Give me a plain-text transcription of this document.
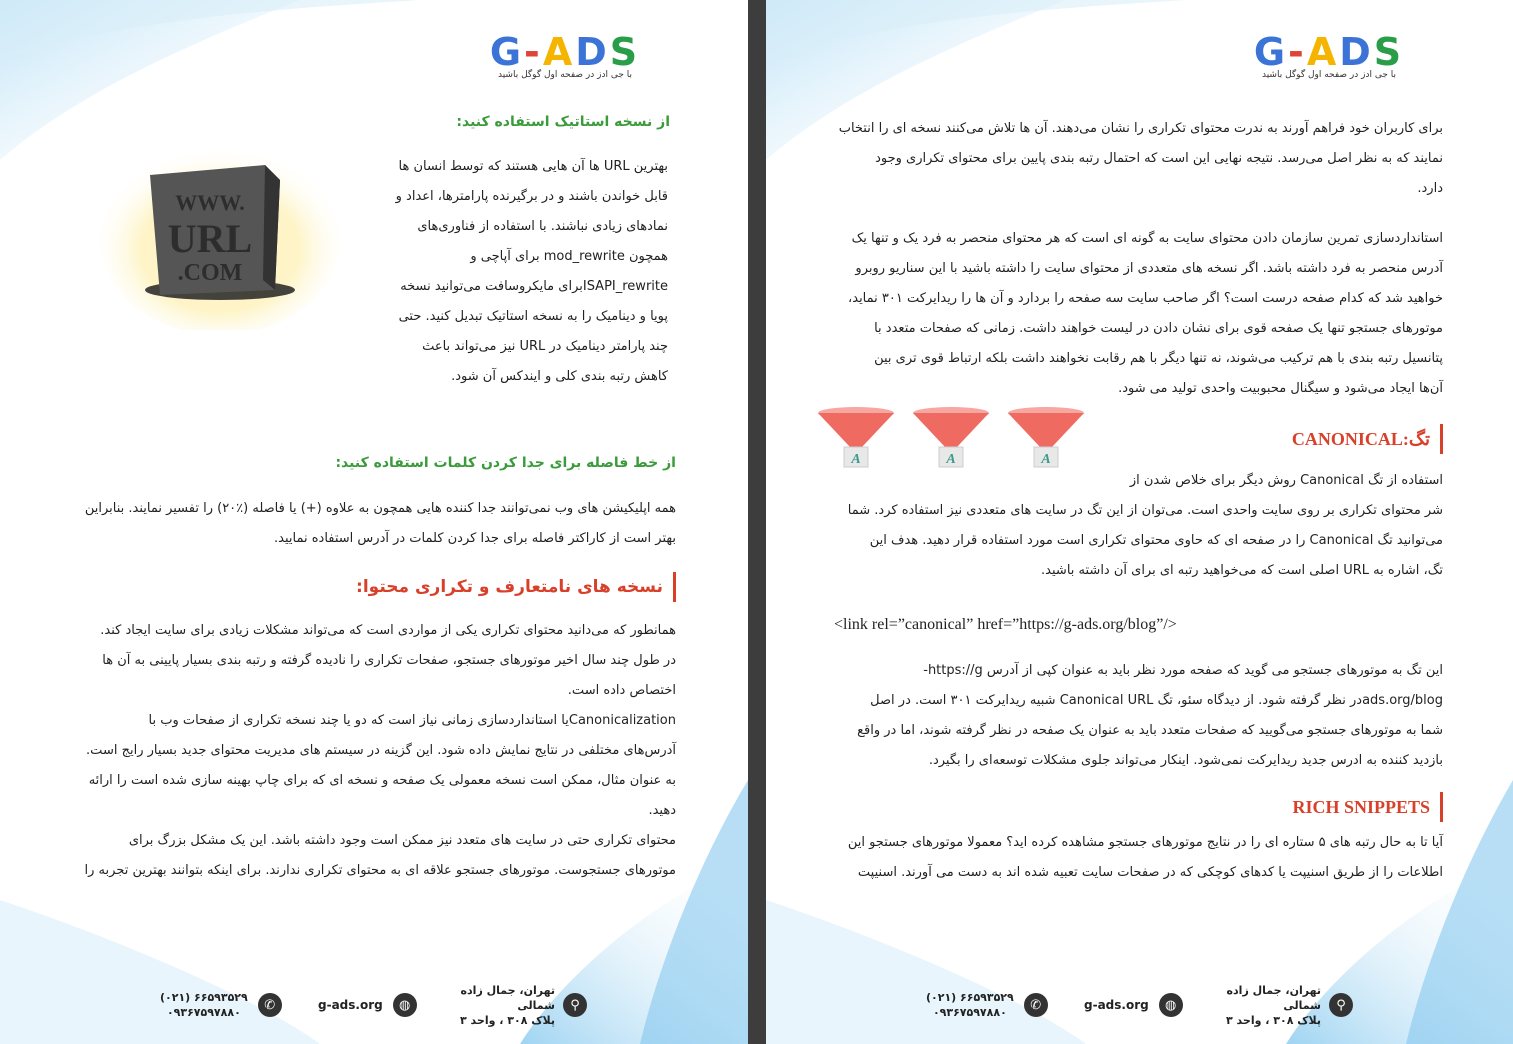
G-ADS
با جی ادز در صفحه اول گوگل باشید
از نسخه استاتیک استفاده کنید:
WWW.
URL
.COM
بهترین URL ها آن هایی هستند که توسط انسان ها
قابل خواندن باشند و در برگیرنده پارامترها، اعداد و
نمادهای زیادی نباشند. با استفاده از فناوری‌های
همچون mod_rewrite برای آپاچی و
ISAPI_rewriteبرای مایکروسافت می‌توانید نسخه
پویا و دینامیک را به نسخه استاتیک تبدیل کنید. حتی
چند پارامتر دینامیک در URL نیز می‌تواند باعث
کاهش رتبه بندی کلی و ایندکس آن شود.
از خط فاصله برای جدا کردن کلمات استفاده کنید:
همه اپلیکیشن های وب نمی‌توانند جدا کننده هایی همچون به علاوه (+) یا فاصله (٪۲۰) را تفسیر نمایند. بنابراین
بهتر است از کاراکتر فاصله برای جدا کردن کلمات در آدرس استفاده نمایید.
نسخه های نامتعارف و تکراری محتوا:
همانطور که می‌دانید محتوای تکراری یکی از مواردی است که می‌تواند مشکلات زیادی برای سایت ایجاد کند.
در طول چند سال اخیر موتورهای جستجو، صفحات تکراری را نادیده گرفته و رتبه بندی بسیار پایینی به آن ها
اختصاص داده است.
Canonicalizationیا استانداردسازی زمانی نیاز است که دو یا چند نسخه تکراری از صفحات وب با
آدرس‌های مختلفی در نتایج نمایش داده شود. این گزینه در سیستم های مدیریت محتوای جدید بسیار رایج است.
به عنوان مثال، ممکن است نسخه معمولی یک صفحه و نسخه ای که برای چاپ بهینه سازی شده است را ارائه
دهید.
محتوای تکراری حتی در سایت های متعدد نیز ممکن است وجود داشته باشد. این یک مشکل بزرگ برای
موتورهای جستجوست. موتورهای جستجو علاقه ای به محتوای تکراری ندارند. برای اینکه بتوانند بهترین تجربه را
تهران، جمال زاده شمالی
پلاک ۳۰۸ ، واحد ۳
⚲
g-ads.org	◍
(۰۲۱) ۶۶۵۹۳۵۲۹
۰۹۳۶۷۵۹۷۸۸۰	✆
G-ADS
با جی ادز در صفحه اول گوگل باشید
برای کاربران خود فراهم آورند به ندرت محتوای تکراری را نشان می‌دهند. آن ها تلاش می‌کنند نسخه ای را انتخاب
نمایند که به نظر اصل می‌رسد. نتیجه نهایی این است که احتمال رتبه بندی پایین برای محتوای تکراری وجود
دارد.
استانداردسازی تمرین سازمان دادن محتوای سایت به گونه ای است که هر محتوای منحصر به فرد یک و تنها یک
آدرس منحصر به فرد داشته باشد. اگر نسخه های متعددی از محتوای سایت را داشته باشید با این سناریو روبرو
خواهید شد که کدام صفحه درست است؟ اگر صاحب سایت سه صفحه را بردارد و آن ها را ریدایرکت ۳۰۱ نماید،
موتورهای جستجو تنها یک صفحه قوی برای نشان دادن در لیست خواهند داشت. زمانی که صفحات متعدد با
پتانسیل رتبه بندی با هم ترکیب می‌شوند، نه تنها دیگر با هم رقابت نخواهند داشت بلکه ارتباط قوی تری بین
آن‌ها ایجاد می‌شود و سیگنال محبوبیت واحدی تولید می شود.
A	A	A
تگ:CANONICAL
استفاده از تگ Canonical روش دیگر برای خلاص شدن از
شر محتوای تکراری بر روی سایت واحدی است. می‌توان از این تگ در سایت های متعددی نیز استفاده کرد. شما
می‌توانید تگ Canonical را در صفحه ای که حاوی محتوای تکراری است مورد استفاده قرار دهید. هدف این
تگ، اشاره به URL اصلی است که می‌خواهید رتبه ای برای آن داشته باشید.
<link rel=”canonical” href=”https://g-ads.org/blog”/>
این تگ به موتورهای جستجو می گوید که صفحه مورد نظر باید به عنوان کپی از آدرس https://g-
ads.org/blogدر نظر گرفته شود. از دیدگاه سئو، تگ Canonical URL شبیه ریدایرکت ۳۰۱ است. در اصل
شما به موتورهای جستجو می‌گویید که صفحات متعدد باید به عنوان یک صفحه در نظر گرفته شوند، اما در واقع
بازدید کننده به ادرس جدید ریدایرکت نمی‌شود. اینکار می‌تواند جلوی مشکلات توسعه‌ای را بگیرد.
RICH SNIPPETS
آیا تا به حال رتبه های ۵ ستاره ای را در نتایج موتورهای جستجو مشاهده کرده اید؟ معمولا موتورهای جستجو این
اطلاعات را از طریق اسنیپت یا کدهای کوچکی که در صفحات سایت تعبیه شده اند به دست می آورند. اسنیپت
تهران، جمال زاده شمالی
پلاک ۳۰۸ ، واحد ۳
⚲
g-ads.org	◍
(۰۲۱) ۶۶۵۹۳۵۲۹
۰۹۳۶۷۵۹۷۸۸۰	✆
